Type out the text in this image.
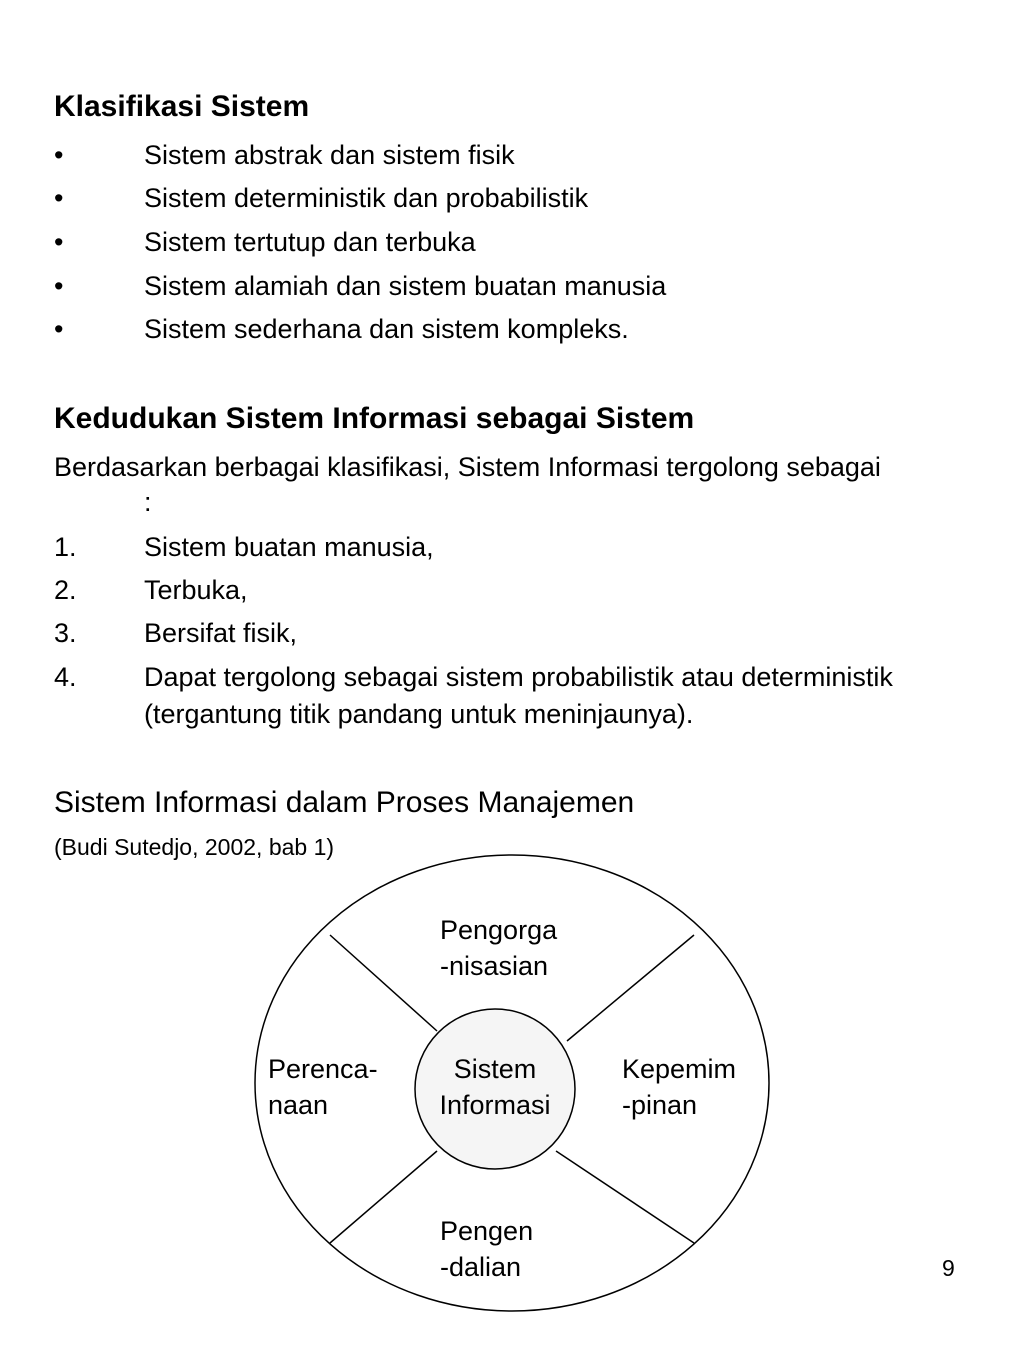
Klasifikasi Sistem
•	Sistem abstrak dan sistem fisik
•	Sistem deterministik dan probabilistik
•	Sistem tertutup dan terbuka
•	Sistem alamiah dan sistem buatan manusia
•	Sistem sederhana dan sistem kompleks.
Kedudukan Sistem Informasi sebagai Sistem
Berdasarkan berbagai klasifikasi, Sistem Informasi tergolong sebagai
:
1. Sistem buatan manusia,
2. Terbuka,
3. Bersifat fisik,
4. Dapat tergolong sebagai sistem probabilistik atau deterministik
(tergantung titik pandang untuk meninjaunya).
Sistem Informasi dalam Proses Manajemen
(Budi Sutedjo, 2002, bab 1)
Pengorga
-nisasian
Perenca-
naan
Sistem
Informasi
Kepemim
-pinan
Pengen
-dalian	9
